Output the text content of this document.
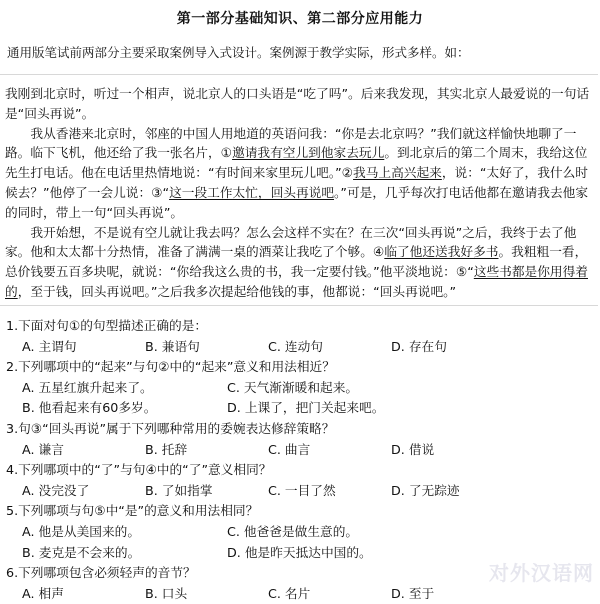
第一部分基础知识、第二部分应用能力
通用版笔试前两部分主要采取案例导入式设计。案例源于教学实际，形式多样。如：

我刚到北京时，听过一个相声，说北京人的口头语是“吃了吗”。后来我发现，其实北京人最爱说的一句话是“回头再说”。

我从香港来北京时，邻座的中国人用地道的英语问我：“你是去北京吗？”我们就这样愉快地聊了一路。临下飞机，他还给了我一张名片，①邀请我有空儿到他家去玩儿。到北京后的第二个周末，我给这位先生打电话。他在电话里热情地说：“有时间来家里玩儿吧。”②我马上高兴起来，说：“太好了，我什么时候去？”他停了一会儿说：③“这一段工作太忙，回头再说吧。”可是，几乎每次打电话他都在邀请我去他家的同时，带上一句“回头再说”。

我开始想，不是说有空儿就让我去吗？怎么会这样不实在？在三次“回头再说”之后，我终于去了他家。他和太太都十分热情，准备了满满一桌的酒菜让我吃了个够。④临了他还送我好多书。我粗粗一看，总价钱要五百多块呢，就说：“你给我这么贵的书，我一定要付钱。”他平淡地说：⑤“这些书都是你用得着的，至于钱，回头再说吧。”之后我多次提起给他钱的事，他都说：“回头再说吧。”

1.下面对句①的句型描述正确的是：
A. 主谓句	B. 兼语句	C. 连动句	D. 存在句
2.下列哪项中的“起来”与句②中的“起来”意义和用法相近？
A. 五星红旗升起来了。	C. 天气渐渐暖和起来。
B. 他看起来有60多岁。	D. 上课了，把门关起来吧。
3.句③“回头再说”属于下列哪种常用的委婉表达修辞策略？
A. 谦言	B. 托辞	C. 曲言	D. 借说
4.下列哪项中的“了”与句④中的“了”意义相同？
A. 没完没了	B. 了如指掌	C. 一目了然	D. 了无踪迹
5.下列哪项与句⑤中“是”的意义和用法相同？
A. 他是从美国来的。	C. 他爸爸是做生意的。
B. 麦克是不会来的。	D. 他是昨天抵达中国的。
6.下列哪项包含必须轻声的音节？
A. 相声	B. 口头	C. 名片	D. 至于
对外汉语网
